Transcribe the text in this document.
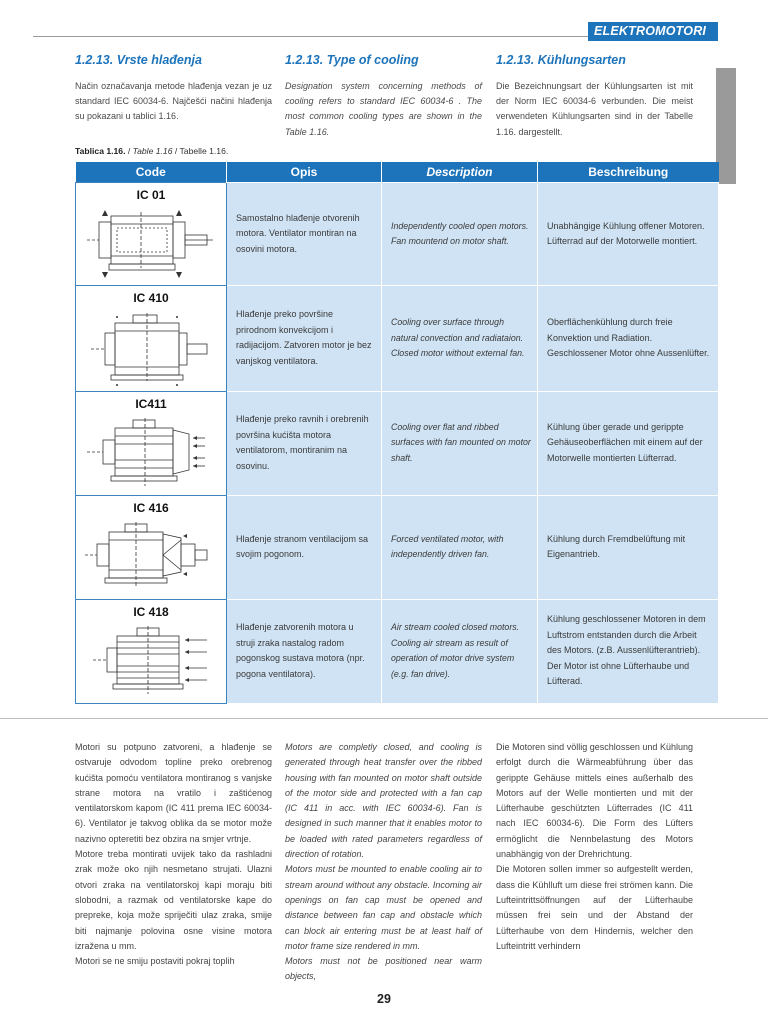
ELEKTROMOTORI
1.2.13. Vrste hlađenja	1.2.13. Type of cooling	1.2.13. Kühlungsarten
Način označavanja metode hlađenja vezan je uz standard IEC 60034-6. Najčešći načini hlađenja su pokazani u tablici 1.16.
Designation system concerning methods of cooling refers to standard IEC 60034-6 . The most common cooling types are shown in the Table 1.16.
Die Bezeichnungsart der Kühlungsarten ist mit der Norm IEC 60034-6 verbunden. Die meist verwendeten Kühlungsarten sind in der Tabelle 1.16. dargestellt.
Tablica 1.16. / Table 1.16 / Tabelle 1.16.
Code	Opis	Description	Beschreibung

IC 01	Samostalno hlađenje otvorenih motora. Ventilator montiran na osovini motora.	Independently cooled open motors. Fan mountend on motor shaft.	Unabhängige Kühlung offener Motoren. Lüfterrad auf der Motorwelle montiert.

IC 410	Hlađenje preko površine prirodnom konvekcijom i radijacijom. Zatvoren motor je bez vanjskog ventilatora.	Cooling over surface through natural convection and radiataion. Closed motor without external fan.	Oberflächenkühlung durch freie Konvektion und Radiation. Geschlossener Motor ohne Aussenlüfter.

IC411	Hlađenje preko ravnih i orebrenih površina kućišta motora ventilatorom, montiranim na osovinu.	Cooling over flat and ribbed surfaces with fan mounted on motor shaft.	Kühlung über gerade und gerippte Gehäuseoberflächen mit einem auf der Motorwelle montierten Lüfterrad.

IC 416	Hlađenje stranom ventilacijom sa svojim pogonom.	Forced ventilated motor, with independently driven fan.	Kühlung durch Fremdbelüftung mit Eigenantrieb.

IC 418	Hlađenje zatvorenih motora u struji zraka nastalog radom pogonskog sustava motora (npr. pogona ventilatora).	Air stream cooled closed motors. Cooling air stream as result of operation of motor drive system (e.g. fan drive).	Kühlung geschlossener Motoren in dem Luftstrom entstanden durch die Arbeit des Motors. (z.B. Aussenlüfterantrieb). Der Motor ist ohne Lüfterhaube und Lüfterad.

Motori su potpuno zatvoreni, a hlađenje se ostvaruje odvodom topline preko orebrenog kućišta pomoću ventilatora montiranog s vanjske strane motora na vratilo i zaštićenog ventilatorskom kapom (IC 411 prema IEC 60034-6). Ventilator je takvog oblika da se motor može nazivno opteretiti bez obzira na smjer vrtnje.

Motore treba montirati uvijek tako da rashladni zrak može oko njih nesmetano strujati. Ulazni otvori zraka na ventilatorskoj kapi moraju biti slobodni, a razmak od ventilatorske kape do prepreke, koja može spriječiti ulaz zraka, smije biti najmanje polovina osne visine motora izražena u mm.

Motori se ne smiju postaviti pokraj toplih

Motors are completly closed, and cooling is generated through heat transfer over the ribbed housing with fan mounted on motor shaft outside of the motor side and protected with a fan cap (IC 411 in acc. with IEC 60034-6). Fan is designed in such manner that it enables motor to be loaded with rated parameters regardless of direction of rotation.

Motors must be mounted to enable cooling air to stream around without any obstacle. Incoming air openings on fan cap must be opened and distance between fan cap and obstacle which can block air entering must be at least half of motor frame size rendered in mm.

Motors must not be positioned near warm objects,

Die Motoren sind völlig geschlossen und Kühlung erfolgt durch die Wärmeabführung über das gerippte Gehäuse mittels eines außerhalb des Motors auf der Welle montierten und mit der Lüfterhaube geschützten Lüfterrades (IC 411 nach IEC 60034-6). Die Form des Lüfters ermöglicht die Nennbelastung des Motors unabhängig von der Drehrichtung.

Die Motoren sollen immer so aufgestellt werden, dass die Kühlluft um diese frei strömen kann. Die Lufteintrittsöffnungen auf der Lüfterhaube müssen frei sein und der Abstand der Lüfterhaube von dem Hindernis, welcher den Lufteintritt verhindern

29
